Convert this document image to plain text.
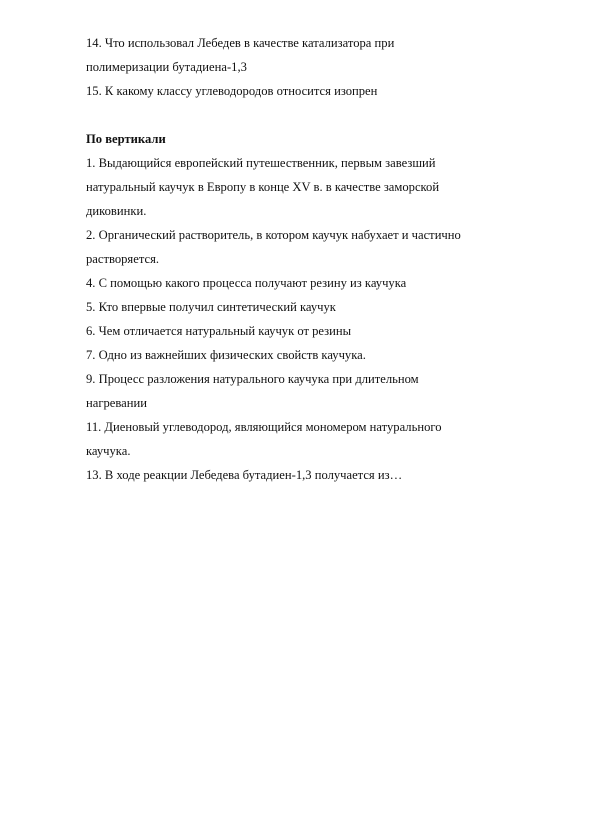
14. Что использовал Лебедев в качестве катализатора при
полимеризации бутадиена-1,3
15. К какому классу углеводородов относится изопрен
По вертикали
1. Выдающийся европейский путешественник, первым завезший
натуральный каучук в Европу в конце XV в. в качестве заморской
диковинки.
2. Органический растворитель, в котором каучук набухает и частично
растворяется.
4. С помощью какого процесса получают резину из каучука
5. Кто впервые получил синтетический каучук
6. Чем отличается натуральный каучук от резины
7. Одно из важнейших физических свойств каучука.
9. Процесс разложения натурального каучука при длительном
нагревании
11. Диеновый углеводород, являющийся мономером натурального
каучука.
13. В ходе реакции Лебедева бутадиен-1,3 получается из…
